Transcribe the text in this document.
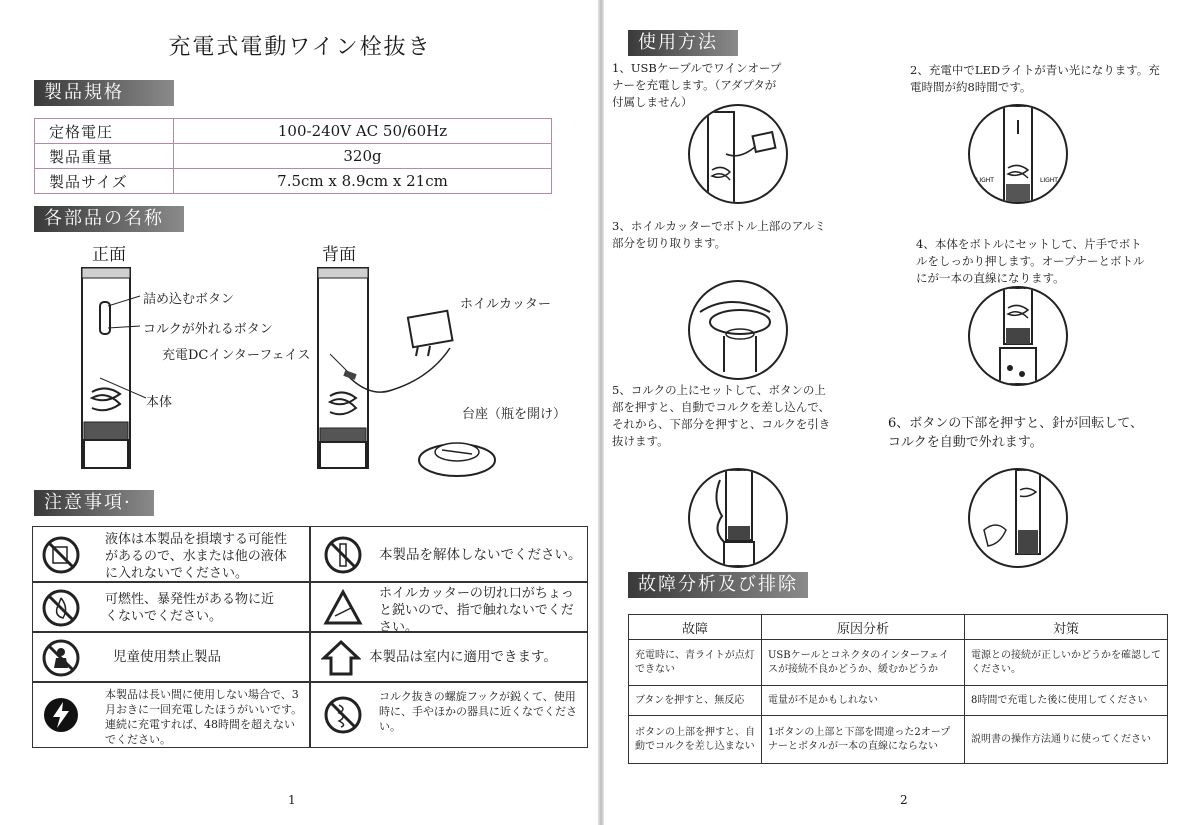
充電式電動ワイン栓抜き
製品規格
定格電圧	100-240V AC 50/60Hz
製品重量	320g
製品サイズ	7.5cm x 8.9cm x 21cm
各部品の名称
正面	背面
詰め込むボタン
コルクが外れるボタン
本体
充電DCインターフェイス
ホイルカッター
台座（瓶を開け）
注意事項·
液体は本製品を損壊する可能性があるので、水または他の液体に入れないでください。
本製品を解体しないでください。
可燃性、暴発性がある物に近くないでください。
ホイルカッターの切れ口がちょっと鋭いので、指で触れないでください。
児童使用禁止製品	本製品は室内に適用できます。
本製品は長い間に使用しない場合で、3月おきに一回充電したほうがいいです。連続に充電すれば、48時間を超えないでください。
コルク抜きの螺旋フックが鋭くて、使用時に、手やほかの器具に近くなでください。
1
使用方法
1、USBケーブルでワインオープナーを充電します。（アダプタが付属しません）
2、充電中でLEDライトが青い光になります。充電時間が約8時間です。
LIGHT	LIGHT
3、ホイルカッターでボトル上部のアルミ部分を切り取ります。	4、本体をボトルにセットして、片手でボトルをしっかり押します。オープナーとボトルにが一本の直線になります。
5、コルクの上にセットして、ボタンの上部を押すと、自動でコルクを差し込んで、それから、下部分を押すと、コルクを引き抜けます。
6、ボタンの下部を押すと、針が回転して、コルクを自動で外れます。
故障分析及び排除
故障	原因分析	対策
充電時に、青ライトが点灯できない	USBケールとコネクタのインターフェイスが接続不良かどうか、緩むかどうか	電源との接続が正しいかどうかを確認してください。
ブタンを押すと、無反応	電量が不足かもしれない	8時間で充電した後に使用してください
ボタンの上部を押すと、自動でコルクを差し込まない	1ボタンの上部と下部を間違った2オープナーとボタルが一本の直線にならない	説明書の操作方法通りに使ってください
2
